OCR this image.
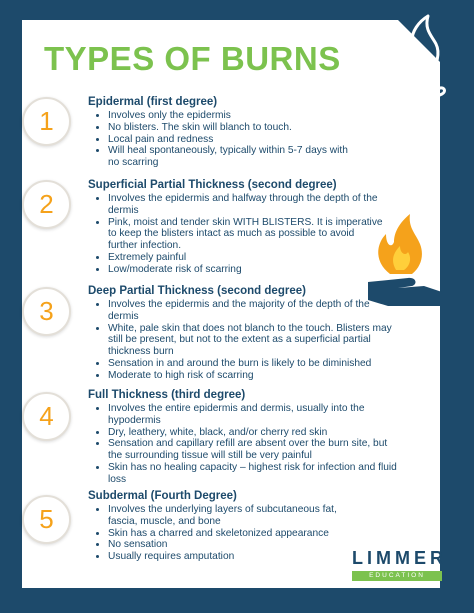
TYPES OF BURNS
1
Epidermal (first degree)
• Involves only the epidermis
• No blisters. The skin will blanch to touch.
• Local pain and redness
• Will heal spontaneously, typically within 5-7 days with no scarring
2
Superficial Partial Thickness (second degree)
• Involves the epidermis and halfway through the depth of the dermis
• Pink, moist and tender skin WITH BLISTERS. It is imperative to keep the blisters intact as much as possible to avoid further infection.
• Extremely painful
• Low/moderate risk of scarring
3
Deep Partial Thickness (second degree)
• Involves the epidermis and the majority of the depth of the dermis
• White, pale skin that does not blanch to the touch. Blisters may still be present, but not to the extent as a superficial partial thickness burn
• Sensation in and around the burn is likely to be diminished
• Moderate to high risk of scarring
4
Full Thickness (third degree)
• Involves the entire epidermis and dermis, usually into the hypodermis
• Dry, leathery, white, black, and/or cherry red skin
• Sensation and capillary refill are absent over the burn site, but the surrounding tissue will still be very painful
• Skin has no healing capacity – highest risk for infection and fluid loss
5
Subdermal (Fourth Degree)
• Involves the underlying layers of subcutaneous fat, fascia, muscle, and bone
• Skin has a charred and skeletonized appearance
• No sensation
• Usually requires amputation	LIMMER
EDUCATION
